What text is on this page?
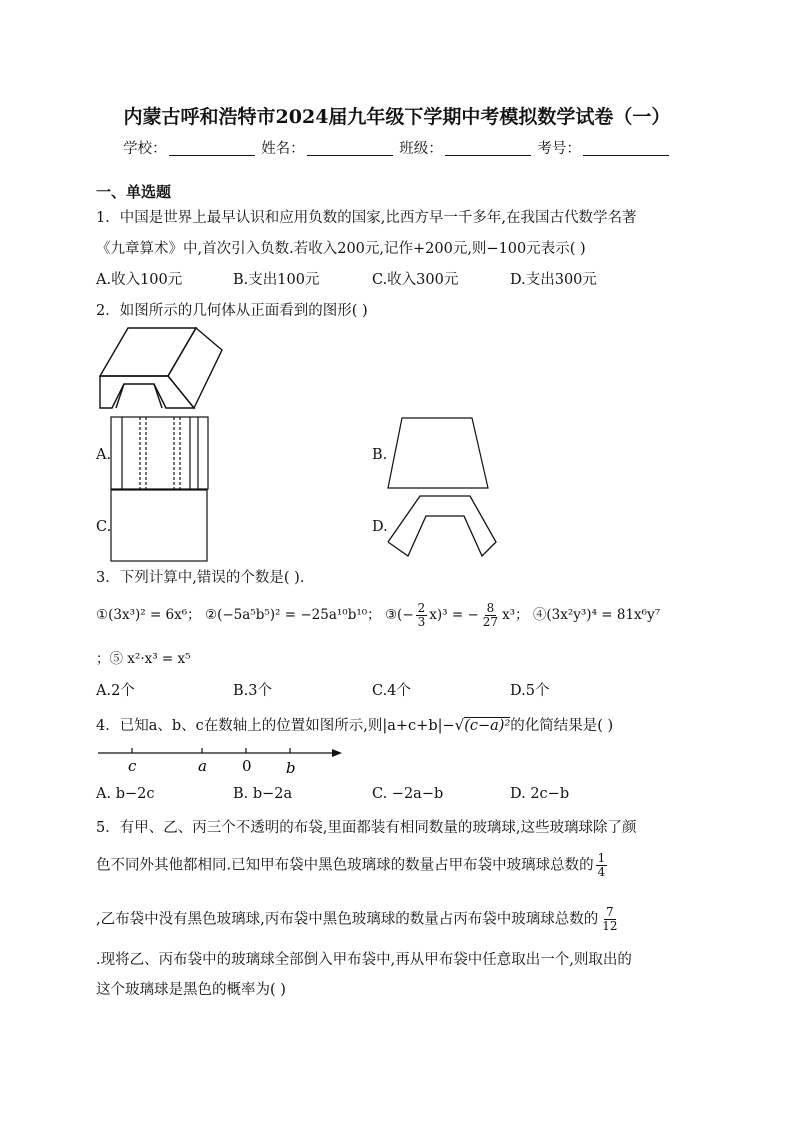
内蒙古呼和浩特市2024届九年级下学期中考模拟数学试卷（一）
学校：	姓名：	班级：	考号：
一、单选题
1．中国是世界上最早认识和应用负数的国家,比西方早一千多年,在我国古代数学名著
《九章算术》中,首次引入负数.若收入200元,记作+200元,则−100元表示( )
A.收入100元	B.支出100元	C.收入300元	D.支出300元
2．如图所示的几何体从正面看到的图形( )
A.	B.
C.	D.
3．下列计算中,错误的个数是( ).
①(3x³)² = 6x⁶； ②(−5a⁵b⁵)² = −25a¹⁰b¹⁰； ③(− $\frac{2}{3} x)^3$ = − $\frac{8}{27} x^3$； ④(3x²y³)⁴ = 81x⁶y⁷
；⑤ x²·x³ = x⁵
A.2个	B.3个	C.4个	D.5个
4．已知a、b、c在数轴上的位置如图所示,则|a+c+b|−√(c−a)²的化简结果是( )
c	a 0 b
A. b−2c	B. b−2a	C. −2a−b	D. 2c−b
5．有甲、乙、丙三个不透明的布袋,里面都装有相同数量的玻璃球,这些玻璃球除了颜
色不同外其他都相同.已知甲布袋中黑色玻璃球的数量占甲布袋中玻璃球总数的 $\frac{1}{4}$
,乙布袋中没有黑色玻璃球,丙布袋中黑色玻璃球的数量占丙布袋中玻璃球总数的 $\frac{7}{12}$
.现将乙、丙布袋中的玻璃球全部倒入甲布袋中,再从甲布袋中任意取出一个,则取出的
这个玻璃球是黑色的概率为( )
